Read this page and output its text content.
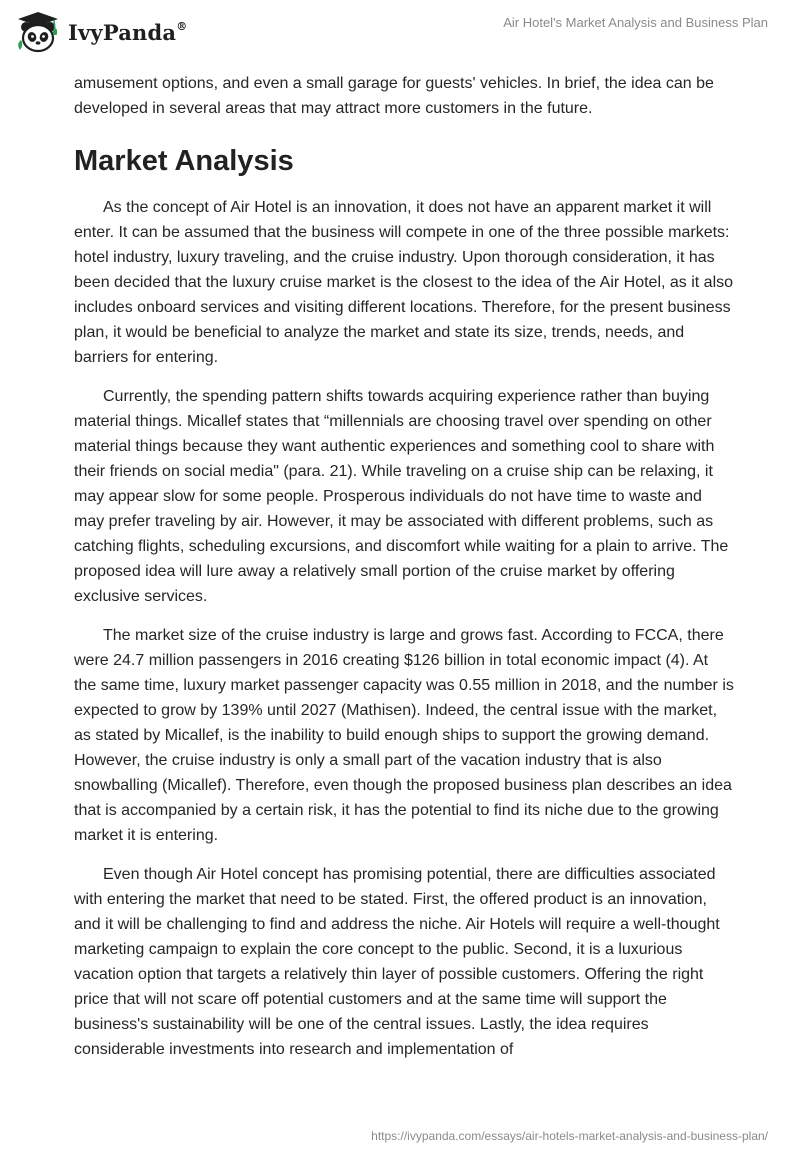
IvyPanda®	Air Hotel's Market Analysis and Business Plan

amusement options, and even a small garage for guests' vehicles. In brief, the idea can be developed in several areas that may attract more customers in the future.

Market Analysis

As the concept of Air Hotel is an innovation, it does not have an apparent market it will enter. It can be assumed that the business will compete in one of the three possible markets: hotel industry, luxury traveling, and the cruise industry. Upon thorough consideration, it has been decided that the luxury cruise market is the closest to the idea of the Air Hotel, as it also includes onboard services and visiting different locations. Therefore, for the present business plan, it would be beneficial to analyze the market and state its size, trends, needs, and barriers for entering.

Currently, the spending pattern shifts towards acquiring experience rather than buying material things. Micallef states that “millennials are choosing travel over spending on other material things because they want authentic experiences and something cool to share with their friends on social media" (para. 21). While traveling on a cruise ship can be relaxing, it may appear slow for some people. Prosperous individuals do not have time to waste and may prefer traveling by air. However, it may be associated with different problems, such as catching flights, scheduling excursions, and discomfort while waiting for a plain to arrive. The proposed idea will lure away a relatively small portion of the cruise market by offering exclusive services.

The market size of the cruise industry is large and grows fast. According to FCCA, there were 24.7 million passengers in 2016 creating $126 billion in total economic impact (4). At the same time, luxury market passenger capacity was 0.55 million in 2018, and the number is expected to grow by 139% until 2027 (Mathisen). Indeed, the central issue with the market, as stated by Micallef, is the inability to build enough ships to support the growing demand. However, the cruise industry is only a small part of the vacation industry that is also snowballing (Micallef). Therefore, even though the proposed business plan describes an idea that is accompanied by a certain risk, it has the potential to find its niche due to the growing market it is entering.

Even though Air Hotel concept has promising potential, there are difficulties associated with entering the market that need to be stated. First, the offered product is an innovation, and it will be challenging to find and address the niche. Air Hotels will require a well-thought marketing campaign to explain the core concept to the public. Second, it is a luxurious vacation option that targets a relatively thin layer of possible customers. Offering the right price that will not scare off potential customers and at the same time will support the business's sustainability will be one of the central issues. Lastly, the idea requires considerable investments into research and implementation of

https://ivypanda.com/essays/air-hotels-market-analysis-and-business-plan/
